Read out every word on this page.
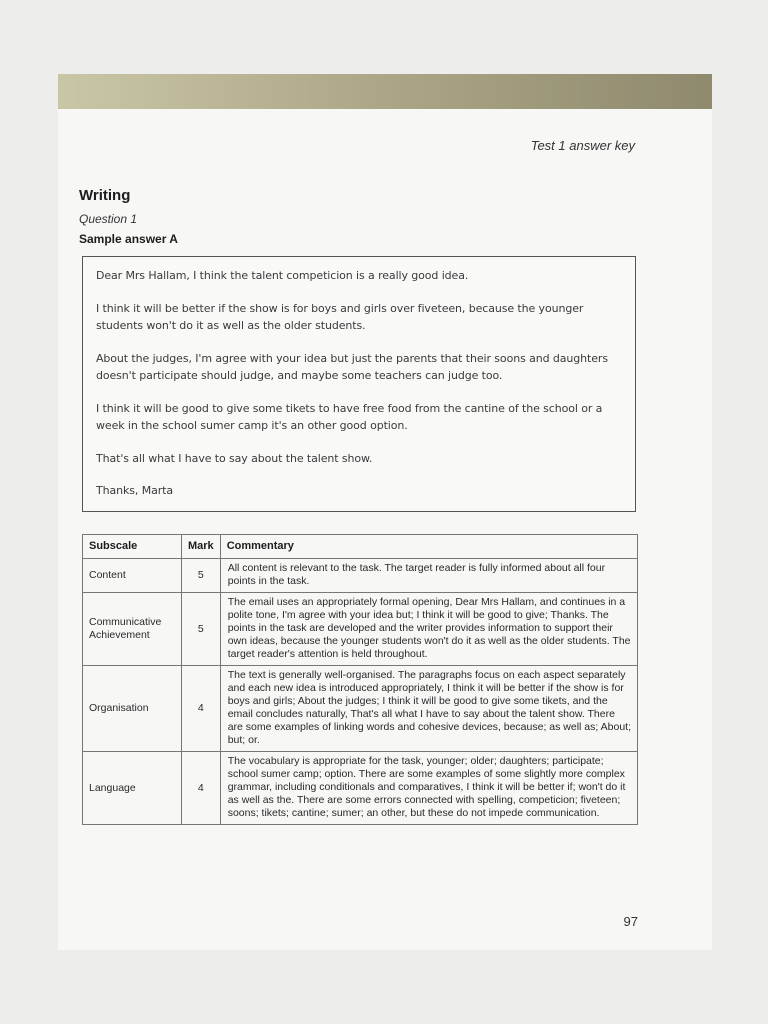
Test 1 answer key
Writing
Question 1
Sample answer A

Dear Mrs Hallam, I think the talent competicion is a really good idea.

I think it will be better if the show is for boys and girls over fiveteen, because the younger students won't do it as well as the older students.

About the judges, I'm agree with your idea but just the parents that their soons and daughters doesn't participate should judge, and maybe some teachers can judge too.

I think it will be good to give some tikets to have free food from the cantine of the school or a week in the school sumer camp it's an other good option.

That's all what I have to say about the talent show.

Thanks, Marta

Subscale	Mark	Commentary
Content	5	All content is relevant to the task. The target reader is fully informed about all four points in the task.
Communicative Achievement	5	The email uses an appropriately formal opening, Dear Mrs Hallam, and continues in a polite tone, I'm agree with your idea but; I think it will be good to give; Thanks. The points in the task are developed and the writer provides information to support their own ideas, because the younger students won't do it as well as the older students. The target reader's attention is held throughout.
Organisation	4	The text is generally well-organised. The paragraphs focus on each aspect separately and each new idea is introduced appropriately, I think it will be better if the show is for boys and girls; About the judges; I think it will be good to give some tikets, and the email concludes naturally, That's all what I have to say about the talent show. There are some examples of linking words and cohesive devices, because; as well as; About; but; or.
Language	4	The vocabulary is appropriate for the task, younger; older; daughters; participate; school sumer camp; option. There are some examples of some slightly more complex grammar, including conditionals and comparatives, I think it will be better if; won't do it as well as the. There are some errors connected with spelling, competicion; fiveteen; soons; tikets; cantine; sumer; an other, but these do not impede communication.
97
